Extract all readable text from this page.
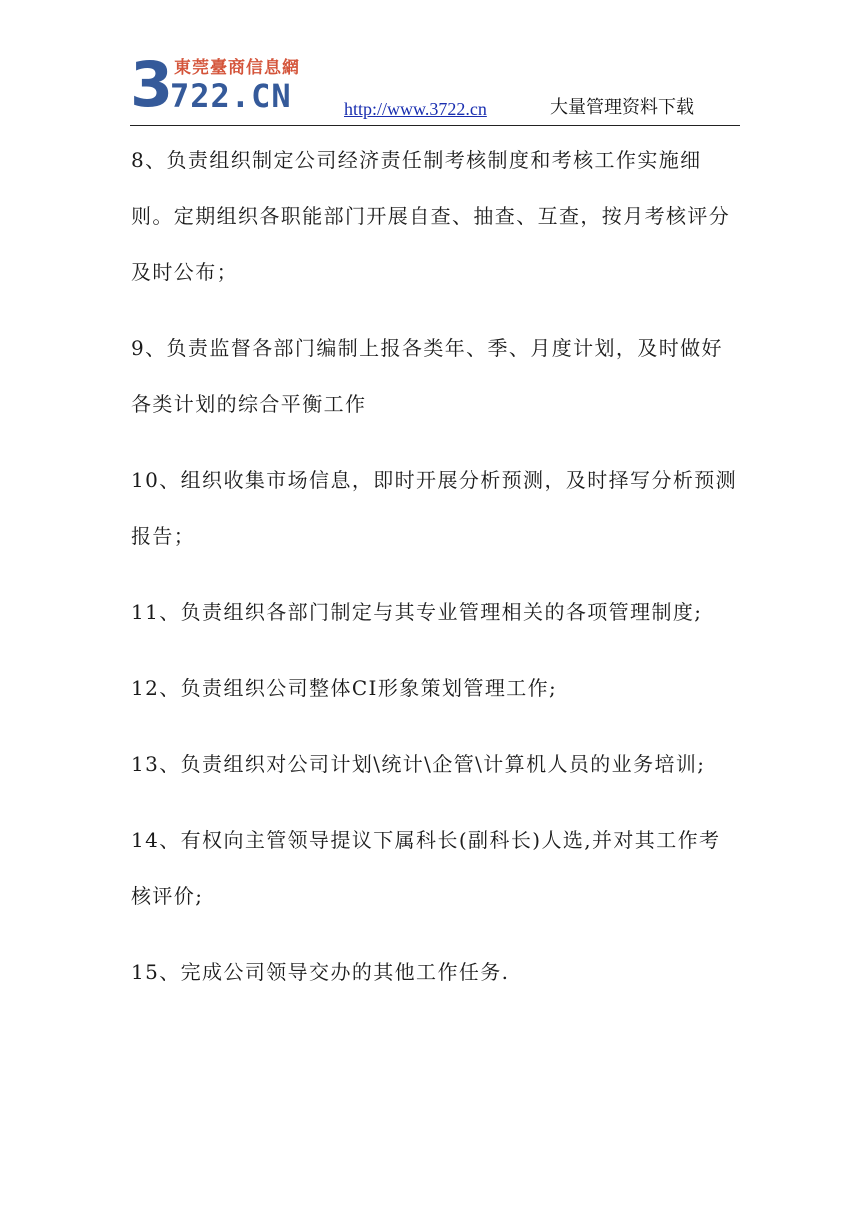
3 東莞臺商信息網
722.CN	http://www.3722.cn	大量管理资料下载

8、负责组织制定公司经济责任制考核制度和考核工作实施细则。定期组织各职能部门开展自查、抽查、互查，按月考核评分及时公布；

9、负责监督各部门编制上报各类年、季、月度计划，及时做好各类计划的综合平衡工作

10、组织收集市场信息，即时开展分析预测，及时择写分析预测报告；

11、负责组织各部门制定与其专业管理相关的各项管理制度;

12、负责组织公司整体CI形象策划管理工作;

13、负责组织对公司计划\统计\企管\计算机人员的业务培训;

14、有权向主管领导提议下属科长(副科长)人选,并对其工作考核评价;

15、完成公司领导交办的其他工作任务.
